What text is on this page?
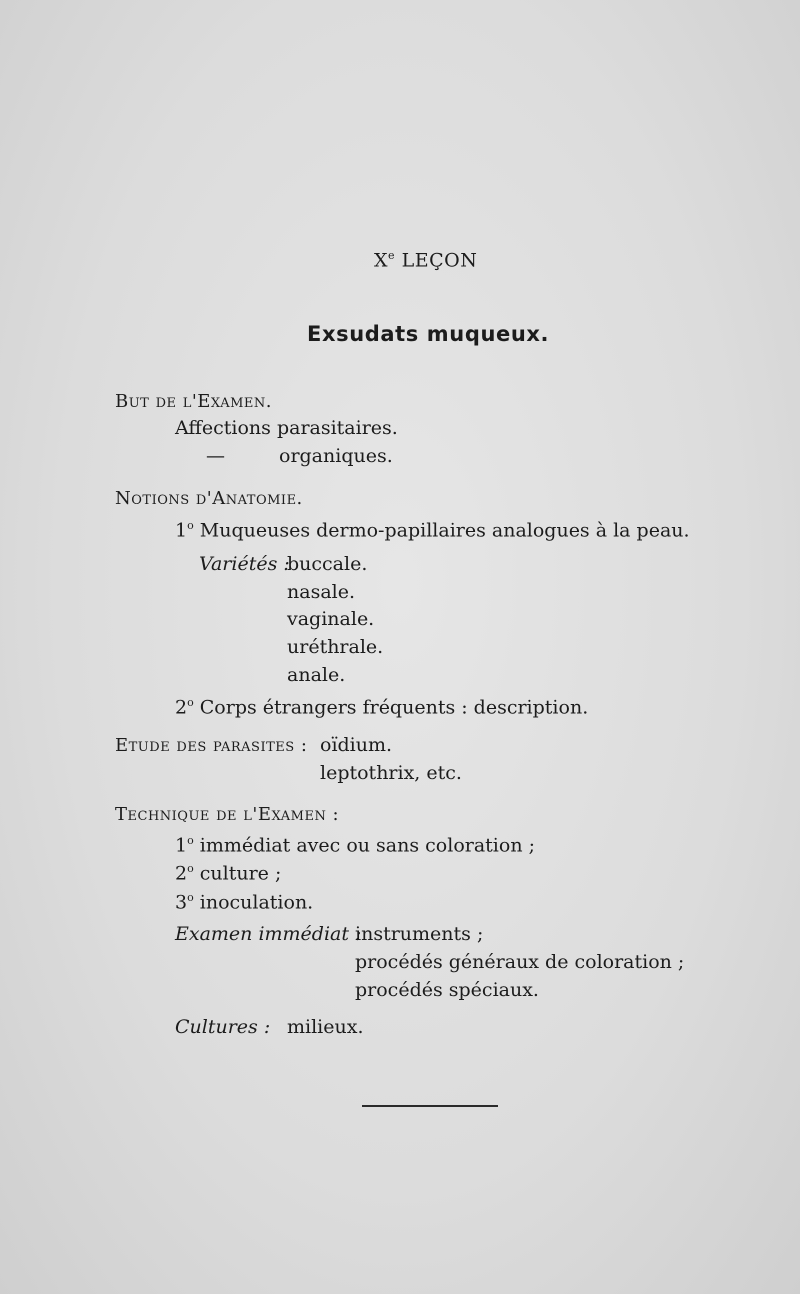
Xe LEÇON
Exsudats muqueux.
But de l'Examen.
Affections parasitaires.
—	organiques.
Notions d'Anatomie.
1$^o$ Muqueuses dermo-papillaires analogues à la peau.
Variétés :
buccale.
nasale.
vaginale.
uréthrale.
anale.
2$^o$ Corps étrangers fréquents : description.
Etude des parasites : oïdium.
leptothrix, etc.
Technique de l'Examen :
1$^o$ immédiat avec ou sans coloration ;
2$^o$ culture ;
3$^o$ inoculation.
Examen immédiat :
instruments ;
procédés généraux de coloration ;
procédés spéciaux.
Cultures : milieux.
